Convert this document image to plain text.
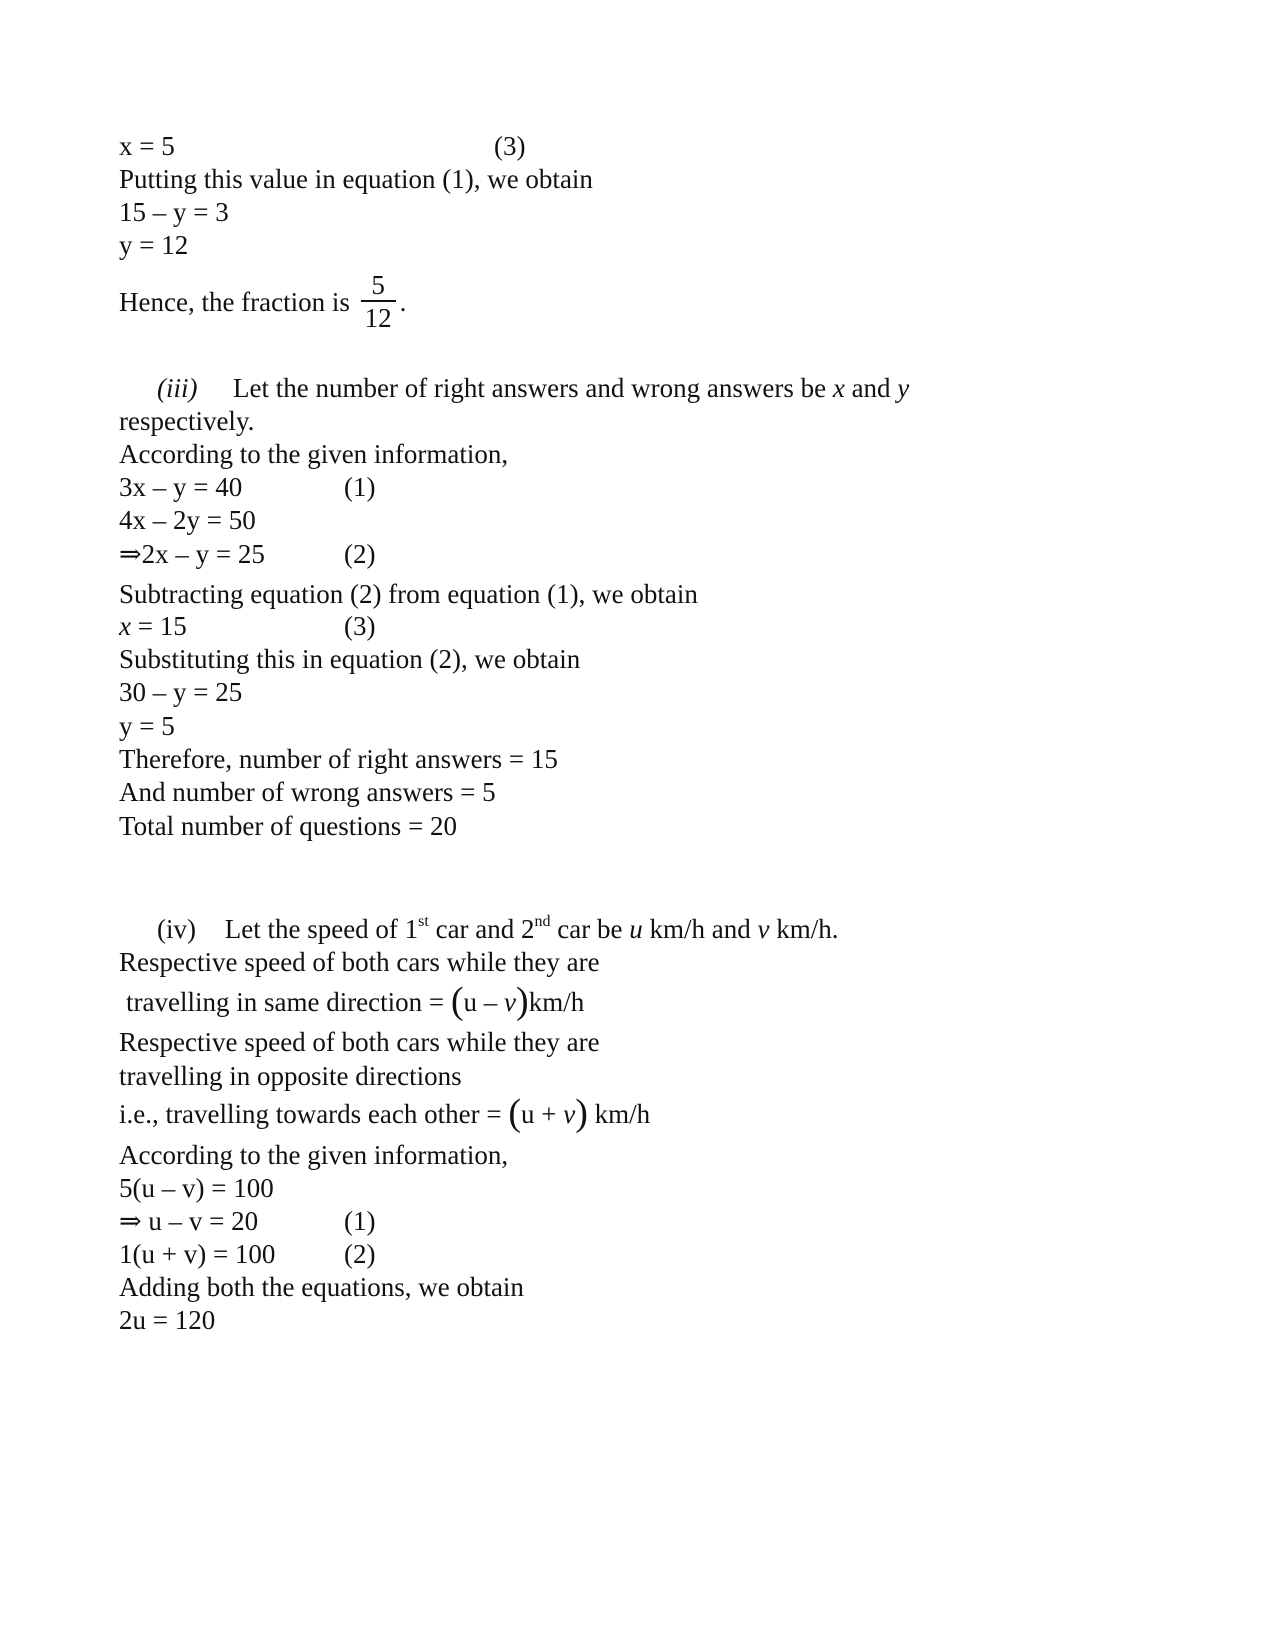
x = 5	(3)
Putting this value in equation (1), we obtain
15 – y = 3
y = 12
Hence, the fraction is $\frac{5}{12}$ .
(iii) Let the number of right answers and wrong answers be x and y
respectively.
According to the given information,
3x – y = 40	(1)
4x – 2y = 50
⇒2x – y = 25	(2)
Subtracting equation (2) from equation (1), we obtain
x = 15	(3)
Substituting this in equation (2), we obtain
30 – y = 25
y = 5
Therefore, number of right answers = 15
And number of wrong answers = 5
Total number of questions = 20
(iv) Let the speed of 1st car and 2nd car be u km/h and v km/h.
Respective speed of both cars while they are
travelling in same direction = (u – v)km/h
Respective speed of both cars while they are
travelling in opposite directions
i.e., travelling towards each other = (u + v) km/h
According to the given information,
5(u – v) = 100
⇒ u – v = 20	(1)
1(u + v) = 100	(2)
Adding both the equations, we obtain
2u = 120
